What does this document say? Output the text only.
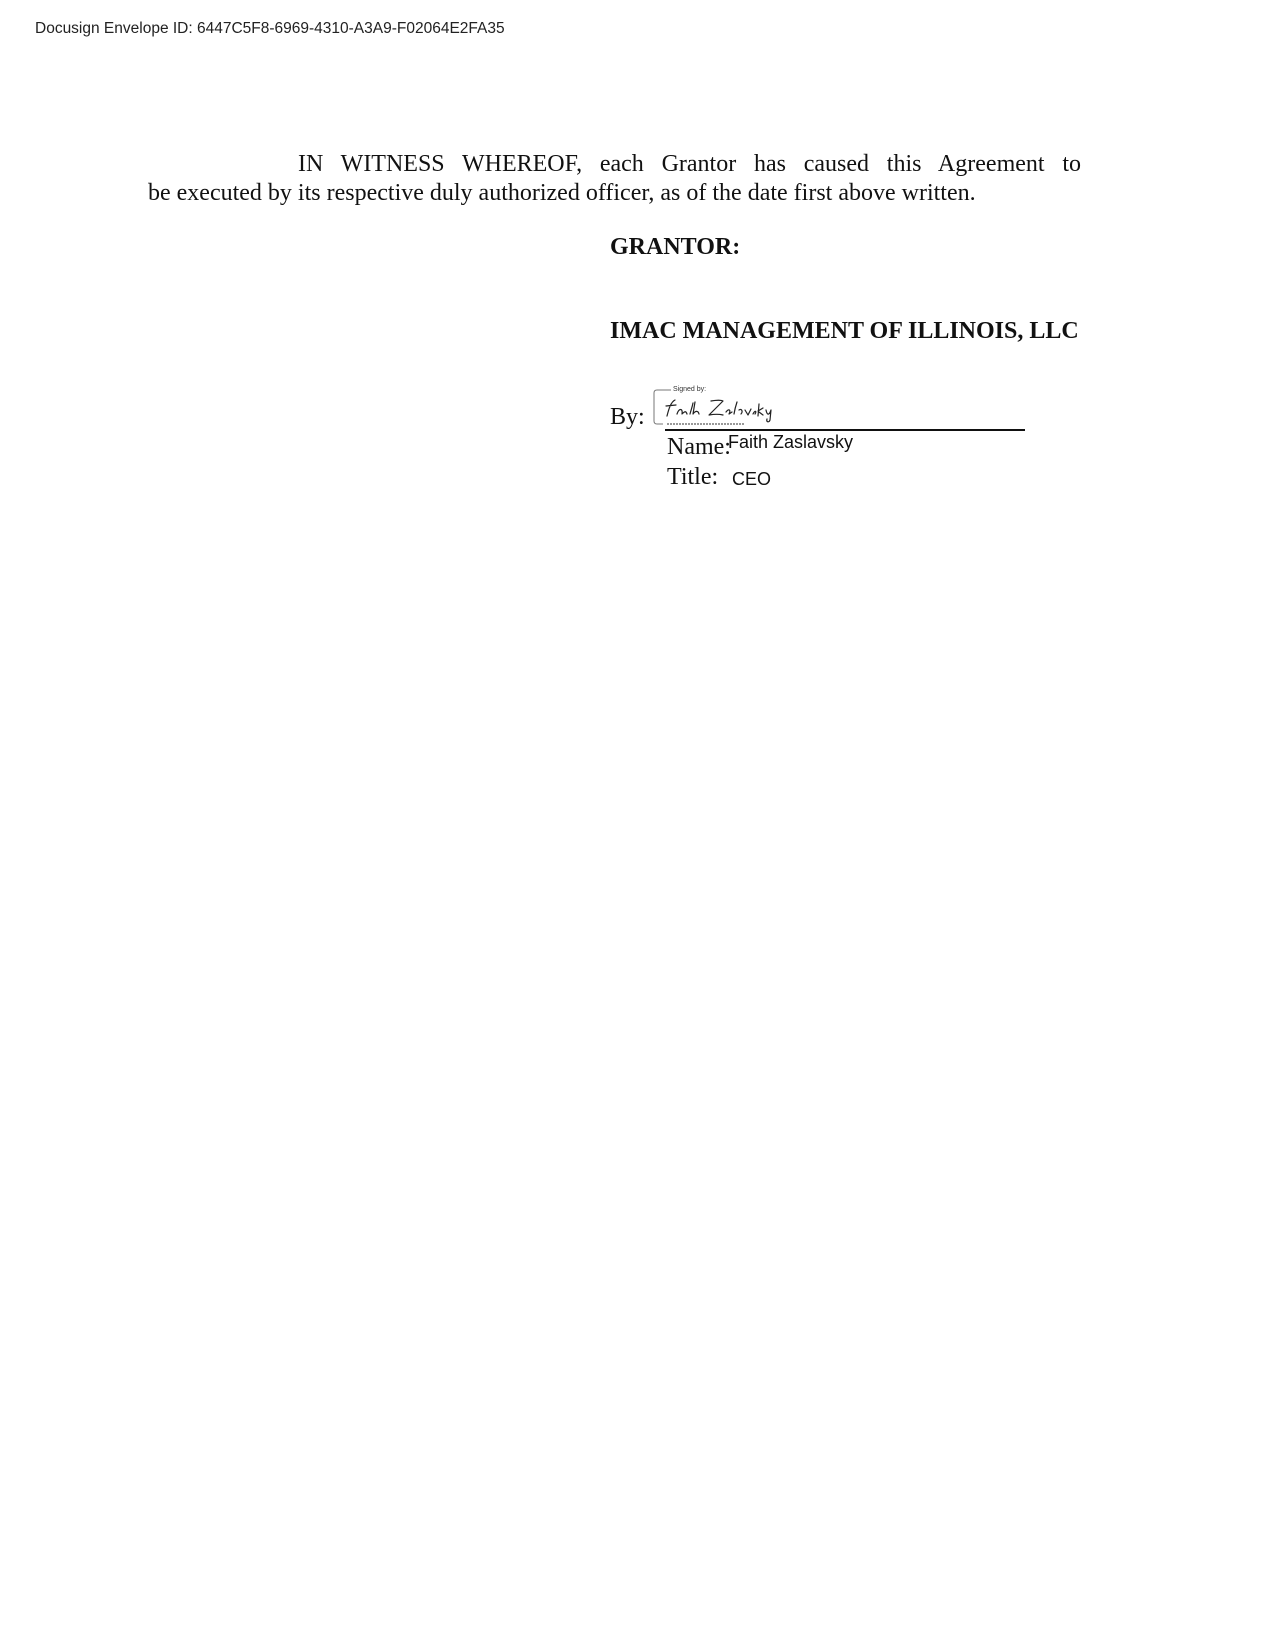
Docusign Envelope ID: 6447C5F8-6969-4310-A3A9-F02064E2FA35
IN WITNESS WHEREOF, each Grantor has caused this Agreement to
be executed by its respective duly authorized officer, as of the date first above written.
GRANTOR:
IMAC MANAGEMENT OF ILLINOIS, LLC
By:
Signed by:
Name:
Faith Zaslavsky
Title: CEO
